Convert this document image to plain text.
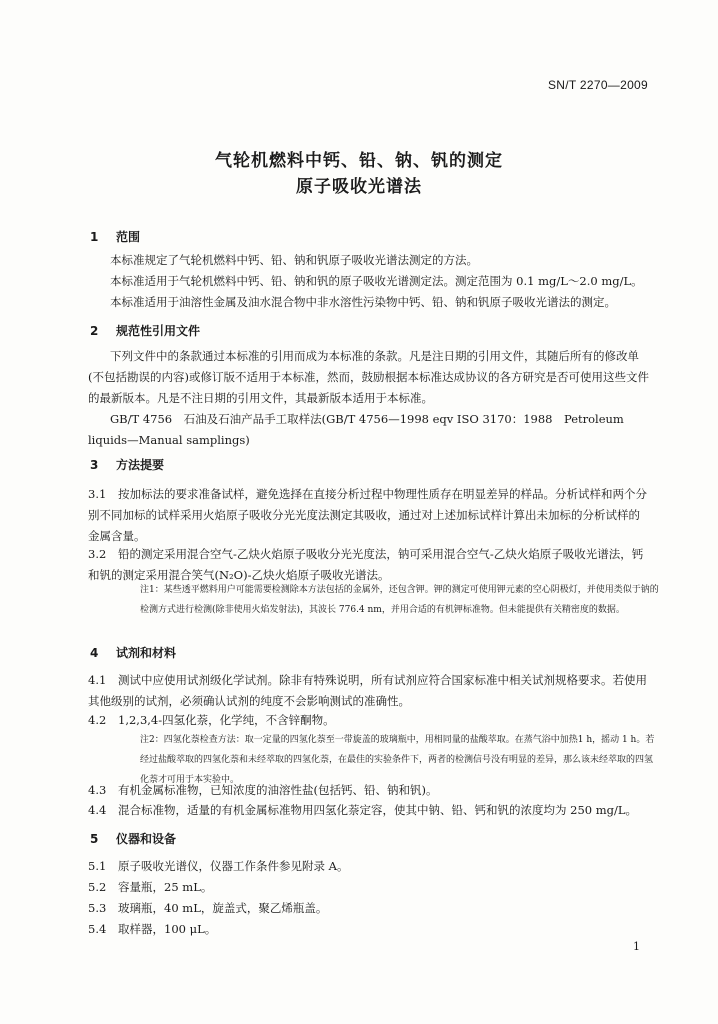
SN/T 2270—2009
气轮机燃料中钙、铅、钠、钒的测定
原子吸收光谱法
1 范围
本标准规定了气轮机燃料中钙、铅、钠和钒原子吸收光谱法测定的方法。
本标准适用于气轮机燃料中钙、铅、钠和钒的原子吸收光谱测定法。测定范围为 0.1 mg/L～2.0 mg/L。
本标准适用于油溶性金属及油水混合物中非水溶性污染物中钙、铅、钠和钒原子吸收光谱法的测定。
2 规范性引用文件
下列文件中的条款通过本标准的引用而成为本标准的条款。凡是注日期的引用文件，其随后所有的修改单(不包括勘误的内容)或修订版不适用于本标准，然而，鼓励根据本标准达成协议的各方研究是否可使用这些文件的最新版本。凡是不注日期的引用文件，其最新版本适用于本标准。
GB/T 4756　石油及石油产品手工取样法(GB/T 4756—1998 eqv ISO 3170：1988　Petroleum liquids—Manual samplings)
3 方法提要
3.1 按加标法的要求准备试样，避免选择在直接分析过程中物理性质存在明显差异的样品。分析试样和两个分别不同加标的试样采用火焰原子吸收分光光度法测定其吸收，通过对上述加标试样计算出未加标的分析试样的金属含量。
3.2 铅的测定采用混合空气-乙炔火焰原子吸收分光光度法，钠可采用混合空气-乙炔火焰原子吸收光谱法，钙和钒的测定采用混合笑气(N₂O)-乙炔火焰原子吸收光谱法。
注1：某些透平燃料用户可能需要检测除本方法包括的金属外，还包含钾。钾的测定可使用钾元素的空心阴极灯，并使用类似于钠的检测方式进行检测(除非使用火焰发射法)，其波长 776.4 nm，并用合适的有机钾标准物。但未能提供有关精密度的数据。
4 试剂和材料
4.1 测试中应使用试剂级化学试剂。除非有特殊说明，所有试剂应符合国家标准中相关试剂规格要求。若使用其他级别的试剂，必须确认试剂的纯度不会影响测试的准确性。
4.2 1,2,3,4-四氢化萘，化学纯，不含锌酮物。
注2：四氢化萘检查方法：取一定量的四氢化萘至一带旋盖的玻璃瓶中，用相同量的盐酸萃取。在蒸气浴中加热1 h，摇动 1 h。若经过盐酸萃取的四氢化萘和未经萃取的四氢化萘，在最佳的实验条件下，两者的检测信号没有明显的差异，那么该未经萃取的四氢化萘才可用于本实验中。
4.3 有机金属标准物，已知浓度的油溶性盐(包括钙、铅、钠和钒)。
4.4 混合标准物，适量的有机金属标准物用四氢化萘定容，使其中钠、铅、钙和钒的浓度均为 250 mg/L。
5 仪器和设备
5.1 原子吸收光谱仪，仪器工作条件参见附录 A。
5.2 容量瓶，25 mL。
5.3 玻璃瓶，40 mL，旋盖式，聚乙烯瓶盖。
5.4 取样器，100 μL。
1
